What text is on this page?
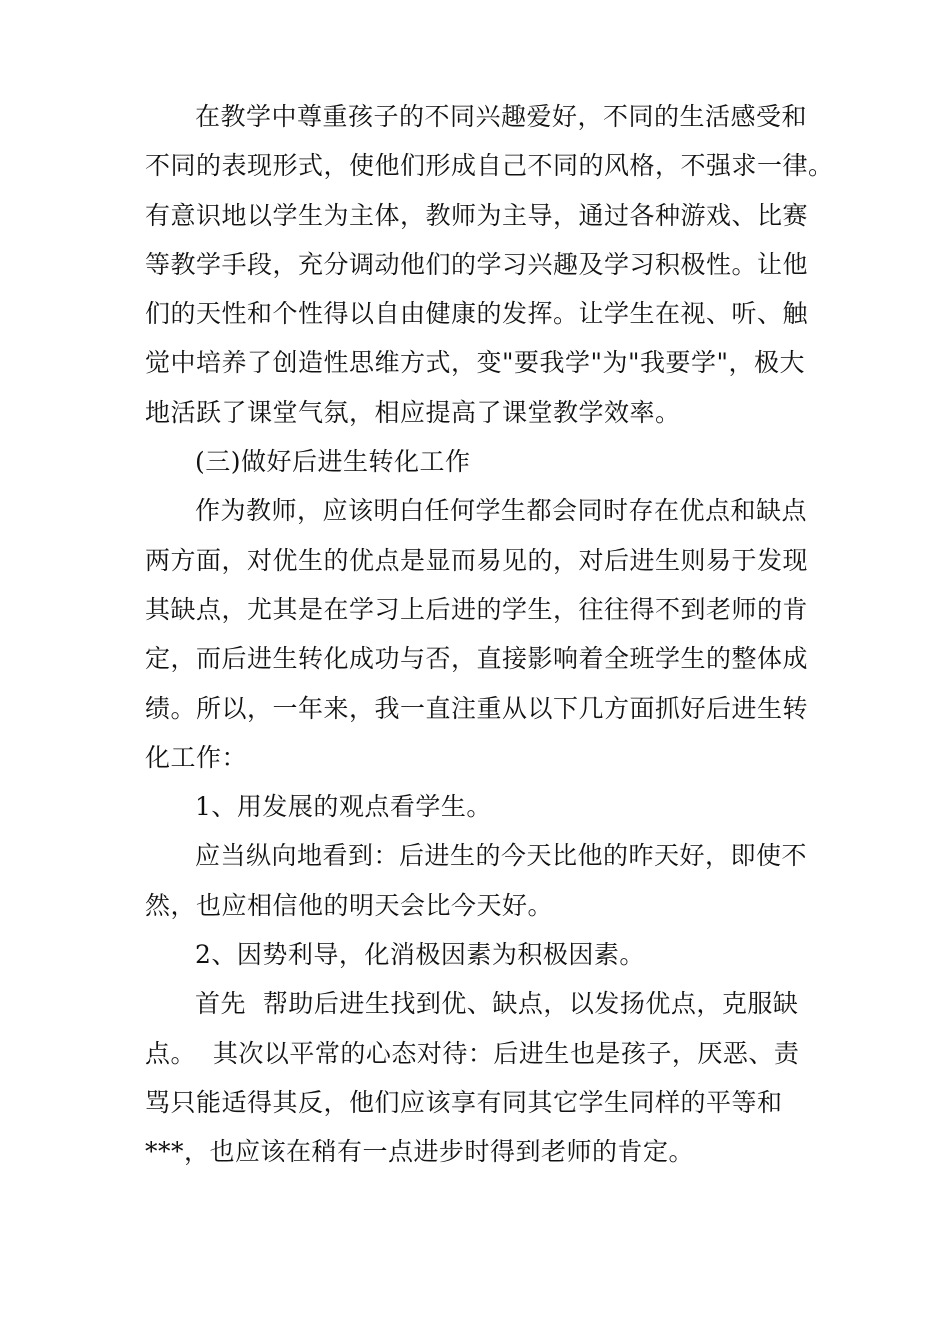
在教学中尊重孩子的不同兴趣爱好，不同的生活感受和
不同的表现形式，使他们形成自己不同的风格，不强求一律。
有意识地以学生为主体，教师为主导，通过各种游戏、比赛
等教学手段，充分调动他们的学习兴趣及学习积极性。让他
们的天性和个性得以自由健康的发挥。让学生在视、听、触
觉中培养了创造性思维方式，变"要我学"为"我要学"，极大
地活跃了课堂气氛，相应提高了课堂教学效率。
(三)做好后进生转化工作
作为教师，应该明白任何学生都会同时存在优点和缺点
两方面，对优生的优点是显而易见的，对后进生则易于发现
其缺点，尤其是在学习上后进的学生，往往得不到老师的肯
定，而后进生转化成功与否，直接影响着全班学生的整体成
绩。所以，一年来，我一直注重从以下几方面抓好后进生转
化工作：
1、用发展的观点看学生。
应当纵向地看到：后进生的今天比他的昨天好，即使不
然，也应相信他的明天会比今天好。
2、因势利导，化消极因素为积极因素。
首先  帮助后进生找到优、缺点，以发扬优点，克服缺
点。  其次以平常的心态对待：后进生也是孩子，厌恶、责
骂只能适得其反，他们应该享有同其它学生同样的平等和
***，也应该在稍有一点进步时得到老师的肯定。
